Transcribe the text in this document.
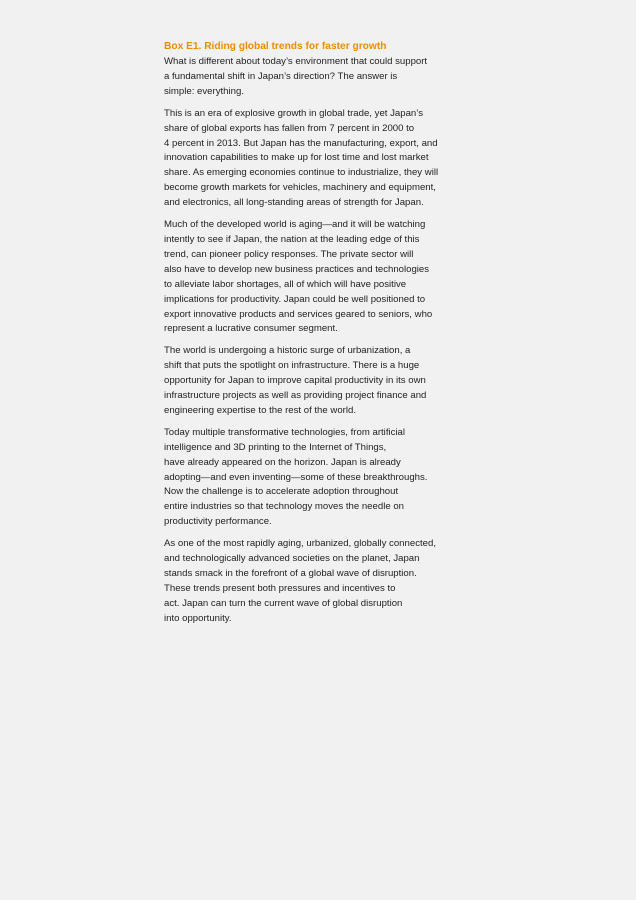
Box E1. Riding global trends for faster growth
What is different about today’s environment that could support
a fundamental shift in Japan’s direction? The answer is
simple: everything.
This is an era of explosive growth in global trade, yet Japan’s
share of global exports has fallen from 7 percent in 2000 to
4 percent in 2013. But Japan has the manufacturing, export, and
innovation capabilities to make up for lost time and lost market
share. As emerging economies continue to industrialize, they will
become growth markets for vehicles, machinery and equipment,
and electronics, all long-standing areas of strength for Japan.
Much of the developed world is aging—and it will be watching
intently to see if Japan, the nation at the leading edge of this
trend, can pioneer policy responses. The private sector will
also have to develop new business practices and technologies
to alleviate labor shortages, all of which will have positive
implications for productivity. Japan could be well positioned to
export innovative products and services geared to seniors, who
represent a lucrative consumer segment.
The world is undergoing a historic surge of urbanization, a
shift that puts the spotlight on infrastructure. There is a huge
opportunity for Japan to improve capital productivity in its own
infrastructure projects as well as providing project finance and
engineering expertise to the rest of the world.
Today multiple transformative technologies, from artificial
intelligence and 3D printing to the Internet of Things,
have already appeared on the horizon. Japan is already
adopting—and even inventing—some of these breakthroughs.
Now the challenge is to accelerate adoption throughout
entire industries so that technology moves the needle on
productivity performance.
As one of the most rapidly aging, urbanized, globally connected,
and technologically advanced societies on the planet, Japan
stands smack in the forefront of a global wave of disruption.
These trends present both pressures and incentives to
act. Japan can turn the current wave of global disruption
into opportunity.
